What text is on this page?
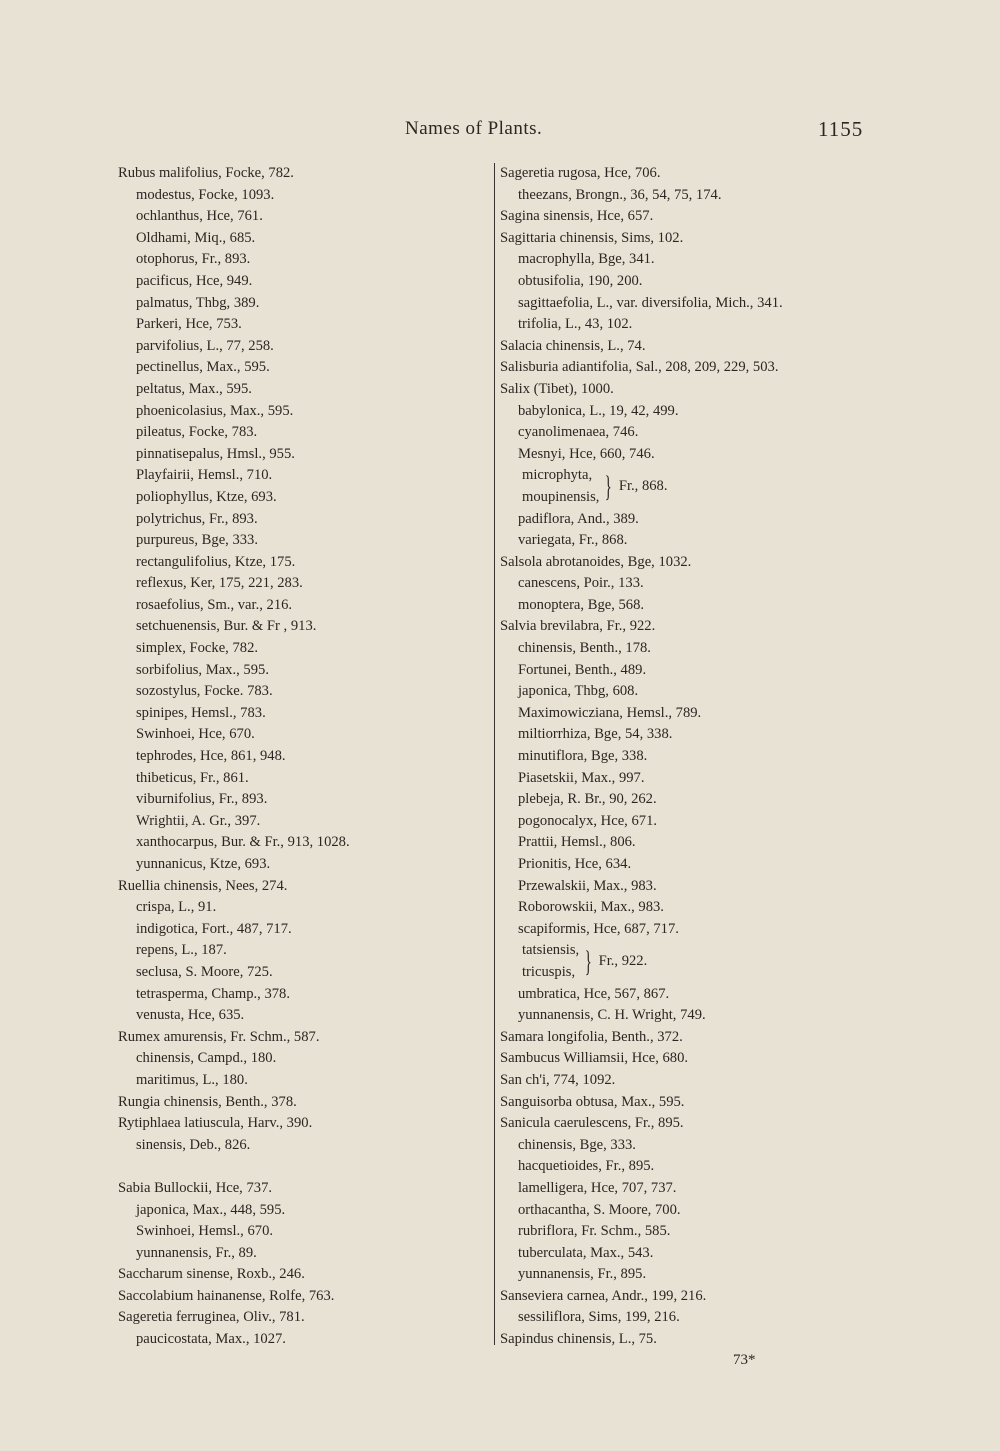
Names of Plants.	1155
Rubus malifolius, Focke, 782.
modestus, Focke, 1093.
ochlanthus, Hce, 761.
Oldhami, Miq., 685.
otophorus, Fr., 893.
pacificus, Hce, 949.
palmatus, Thbg, 389.
Parkeri, Hce, 753.
parvifolius, L., 77, 258.
pectinellus, Max., 595.
peltatus, Max., 595.
phoenicolasius, Max., 595.
pileatus, Focke, 783.
pinnatisepalus, Hmsl., 955.
Playfairii, Hemsl., 710.
poliophyllus, Ktze, 693.
polytrichus, Fr., 893.
purpureus, Bge, 333.
rectangulifolius, Ktze, 175.
reflexus, Ker, 175, 221, 283.
rosaefolius, Sm., var., 216.
setchuenensis, Bur. & Fr , 913.
simplex, Focke, 782.
sorbifolius, Max., 595.
sozostylus, Focke. 783.
spinipes, Hemsl., 783.
Swinhoei, Hce, 670.
tephrodes, Hce, 861, 948.
thibeticus, Fr., 861.
viburnifolius, Fr., 893.
Wrightii, A. Gr., 397.
xanthocarpus, Bur. & Fr., 913, 1028.
yunnanicus, Ktze, 693.
Ruellia chinensis, Nees, 274.
crispa, L., 91.
indigotica, Fort., 487, 717.
repens, L., 187.
seclusa, S. Moore, 725.
tetrasperma, Champ., 378.
venusta, Hce, 635.
Rumex amurensis, Fr. Schm., 587.
chinensis, Campd., 180.
maritimus, L., 180.
Rungia chinensis, Benth., 378.
Rytiphlaea latiuscula, Harv., 390.
sinensis, Deb., 826.
Sabia Bullockii, Hce, 737.
japonica, Max., 448, 595.
Swinhoei, Hemsl., 670.
yunnanensis, Fr., 89.
Saccharum sinense, Roxb., 246.
Saccolabium hainanense, Rolfe, 763.
Sageretia ferruginea, Oliv., 781.
paucicostata, Max., 1027.
Sageretia rugosa, Hce, 706.
theezans, Brongn., 36, 54, 75, 174.
Sagina sinensis, Hce, 657.
Sagittaria chinensis, Sims, 102.
macrophylla, Bge, 341.
obtusifolia, 190, 200.
sagittaefolia, L., var. diversifolia, Mich., 341.
trifolia, L., 43, 102.
Salacia chinensis, L., 74.
Salisburia adiantifolia, Sal., 208, 209, 229, 503.
Salix (Tibet), 1000.
babylonica, L., 19, 42, 499.
cyanolimenaea, 746.
Mesnyi, Hce, 660, 746.
microphyta,
moupinensis, } Fr., 868.
padiflora, And., 389.
variegata, Fr., 868.
Salsola abrotanoides, Bge, 1032.
canescens, Poir., 133.
monoptera, Bge, 568.
Salvia brevilabra, Fr., 922.
chinensis, Benth., 178.
Fortunei, Benth., 489.
japonica, Thbg, 608.
Maximowicziana, Hemsl., 789.
miltiorrhiza, Bge, 54, 338.
minutiflora, Bge, 338.
Piasetskii, Max., 997.
plebeja, R. Br., 90, 262.
pogonocalyx, Hce, 671.
Prattii, Hemsl., 806.
Prionitis, Hce, 634.
Przewalskii, Max., 983.
Roborowskii, Max., 983.
scapiformis, Hce, 687, 717.
tatsiensis,
tricuspis, } Fr., 922.
umbratica, Hce, 567, 867.
yunnanensis, C. H. Wright, 749.
Samara longifolia, Benth., 372.
Sambucus Williamsii, Hce, 680.
San ch'i, 774, 1092.
Sanguisorba obtusa, Max., 595.
Sanicula caerulescens, Fr., 895.
chinensis, Bge, 333.
hacquetioides, Fr., 895.
lamelligera, Hce, 707, 737.
orthacantha, S. Moore, 700.
rubriflora, Fr. Schm., 585.
tuberculata, Max., 543.
yunnanensis, Fr., 895.
Sanseviera carnea, Andr., 199, 216.
sessiliflora, Sims, 199, 216.
Sapindus chinensis, L., 75.
73*
